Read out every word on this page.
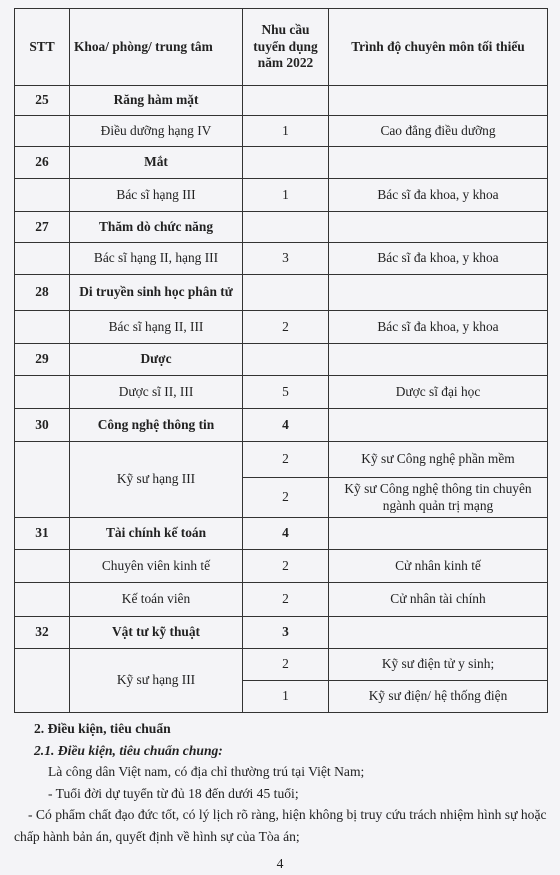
STT	Khoa/ phòng/ trung tâm	Nhu cầu tuyển dụng năm 2022	Trình độ chuyên môn tối thiểu
25	Răng hàm mặt		
	Điều dưỡng hạng IV	1	Cao đẳng điều dưỡng
26	Mắt		
	Bác sĩ hạng III	1	Bác sĩ đa khoa, y khoa
27	Thăm dò chức năng		
	Bác sĩ hạng II, hạng III	3	Bác sĩ đa khoa, y khoa
28	Di truyền sinh học phân tử		
	Bác sĩ hạng II, III	2	Bác sĩ đa khoa, y khoa
29	Dược		
	Dược sĩ II, III	5	Dược sĩ đại học
30	Công nghệ thông tin	4	
	Kỹ sư hạng III	2	Kỹ sư Công nghệ phần mềm
		2	Kỹ sư Công nghệ thông tin chuyên ngành quản trị mạng
31	Tài chính kế toán	4	
	Chuyên viên kinh tế	2	Cử nhân kinh tế
	Kế toán viên	2	Cử nhân tài chính
32	Vật tư kỹ thuật	3	
	Kỹ sư hạng III	2	Kỹ sư điện tử y sinh;
		1	Kỹ sư điện/ hệ thống điện

2. Điều kiện, tiêu chuẩn

2.1. Điều kiện, tiêu chuẩn chung:

Là công dân Việt nam, có địa chỉ thường trú tại Việt Nam;

- Tuổi đời dự tuyển từ đủ 18 đến dưới 45 tuổi;

- Có phẩm chất đạo đức tốt, có lý lịch rõ ràng, hiện không bị truy cứu trách nhiệm hình sự hoặc chấp hành bản án, quyết định về hình sự của Tòa án;

4
